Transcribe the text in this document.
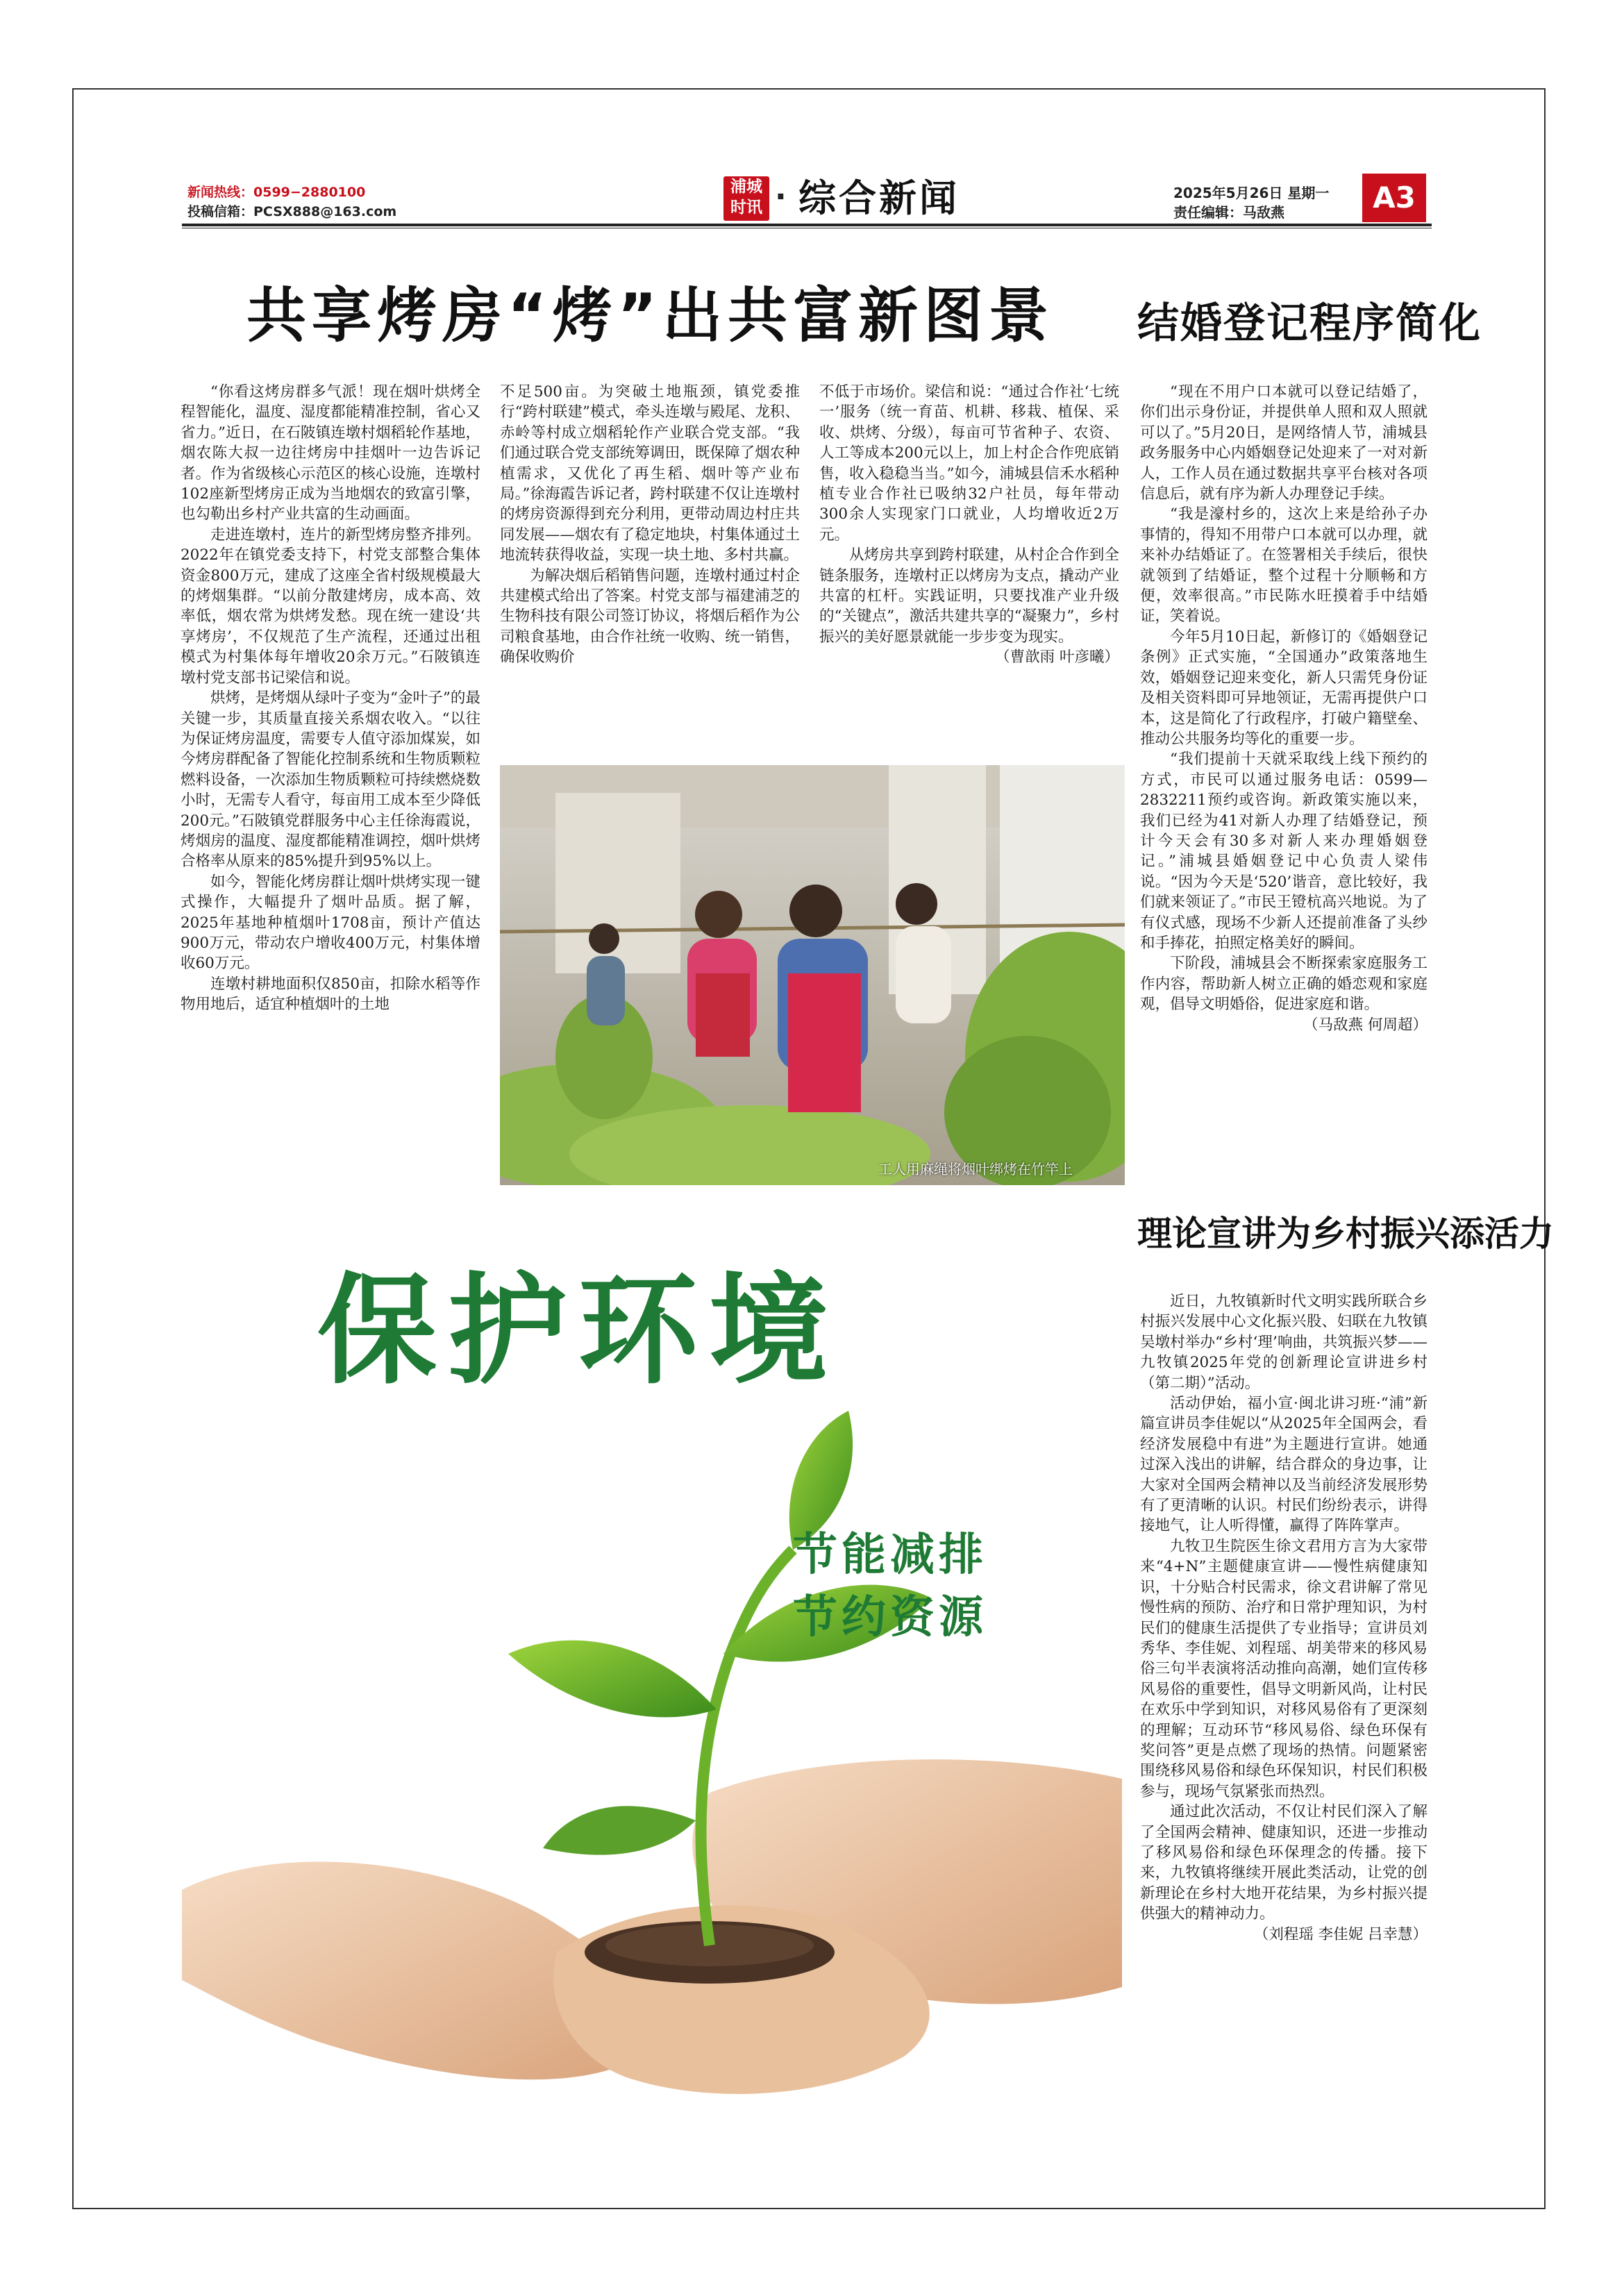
新闻热线：0599−2880100
投稿信箱：PCSX888@163.com
浦城
时讯 · 综合新闻	2025年5月26日 星期一
责任编辑：马敌燕	A3
共享烤房“烤”出共富新图景

“你看这烤房群多气派！现在烟叶烘烤全程智能化，温度、湿度都能精准控制，省心又省力。”近日，在石陂镇连墩村烟稻轮作基地，烟农陈大叔一边往烤房中挂烟叶一边告诉记者。作为省级核心示范区的核心设施，连墩村102座新型烤房正成为当地烟农的致富引擎，也勾勒出乡村产业共富的生动画面。

走进连墩村，连片的新型烤房整齐排列。2022年在镇党委支持下，村党支部整合集体资金800万元，建成了这座全省村级规模最大的烤烟集群。“以前分散建烤房，成本高、效率低，烟农常为烘烤发愁。现在统一建设‘共享烤房’，不仅规范了生产流程，还通过出租模式为村集体每年增收20余万元。”石陂镇连墩村党支部书记梁信和说。

烘烤，是烤烟从绿叶子变为“金叶子”的最关键一步，其质量直接关系烟农收入。“以往为保证烤房温度，需要专人值守添加煤炭，如今烤房群配备了智能化控制系统和生物质颗粒燃料设备，一次添加生物质颗粒可持续燃烧数小时，无需专人看守，每亩用工成本至少降低200元。”石陂镇党群服务中心主任徐海霞说，烤烟房的温度、湿度都能精准调控，烟叶烘烤合格率从原来的85%提升到95%以上。

如今，智能化烤房群让烟叶烘烤实现一键式操作，大幅提升了烟叶品质。据了解，2025年基地种植烟叶1708亩，预计产值达900万元，带动农户增收400万元，村集体增收60万元。

连墩村耕地面积仅850亩，扣除水稻等作物用地后，适宜种植烟叶的土地

不足500亩。为突破土地瓶颈，镇党委推行“跨村联建”模式，牵头连墩与殿尾、龙积、赤岭等村成立烟稻轮作产业联合党支部。“我们通过联合党支部统筹调田，既保障了烟农种植需求，又优化了再生稻、烟叶等产业布局。”徐海霞告诉记者，跨村联建不仅让连墩村的烤房资源得到充分利用，更带动周边村庄共同发展——烟农有了稳定地块，村集体通过土地流转获得收益，实现一块土地、多村共赢。

为解决烟后稻销售问题，连墩村通过村企共建模式给出了答案。村党支部与福建浦芝的生物科技有限公司签订协议，将烟后稻作为公司粮食基地，由合作社统一收购、统一销售，确保收购价

不低于市场价。梁信和说：“通过合作社‘七统一’服务（统一育苗、机耕、移栽、植保、采收、烘烤、分级），每亩可节省种子、农资、人工等成本200元以上，加上村企合作兜底销售，收入稳稳当当。”如今，浦城县信禾水稻种植专业合作社已吸纳32户社员，每年带动300余人实现家门口就业，人均增收近2万元。

从烤房共享到跨村联建，从村企合作到全链条服务，连墩村正以烤房为支点，撬动产业共富的杠杆。实践证明，只要找准产业升级的“关键点”，激活共建共享的“凝聚力”，乡村振兴的美好愿景就能一步步变为现实。

（曹歆雨 叶彦曦）

工人用麻绳将烟叶绑烤在竹竿上
结婚登记程序简化

“现在不用户口本就可以登记结婚了，你们出示身份证，并提供单人照和双人照就可以了。”5月20日，是网络情人节，浦城县政务服务中心内婚姻登记处迎来了一对对新人，工作人员在通过数据共享平台核对各项信息后，就有序为新人办理登记手续。

“我是濠村乡的，这次上来是给孙子办事情的，得知不用带户口本就可以办理，就来补办结婚证了。在签署相关手续后，很快就领到了结婚证，整个过程十分顺畅和方便，效率很高。”市民陈水旺摸着手中结婚证，笑着说。

今年5月10日起，新修订的《婚姻登记条例》正式实施，“全国通办”政策落地生效，婚姻登记迎来变化，新人只需凭身份证及相关资料即可异地领证，无需再提供户口本，这是简化了行政程序，打破户籍壁垒、推动公共服务均等化的重要一步。

“我们提前十天就采取线上线下预约的方式，市民可以通过服务电话：0599—2832211预约或咨询。新政策实施以来，我们已经为41对新人办理了结婚登记，预计今天会有30多对新人来办理婚姻登记。”浦城县婚姻登记中心负责人梁伟说。“因为今天是‘520’谐音，意比较好，我们就来领证了。”市民王镫杭高兴地说。为了有仪式感，现场不少新人还提前准备了头纱和手捧花，拍照定格美好的瞬间。

下阶段，浦城县会不断探索家庭服务工作内容，帮助新人树立正确的婚恋观和家庭观，倡导文明婚俗，促进家庭和谐。

（马敌燕 何周超）

理论宣讲为乡村振兴添活力

近日，九牧镇新时代文明实践所联合乡村振兴发展中心文化振兴股、妇联在九牧镇吴墩村举办“乡村‘理’响曲，共筑振兴梦——九牧镇2025年党的创新理论宣讲进乡村（第二期）”活动。

活动伊始，福小宣·闽北讲习班·“浦”新篇宣讲员李佳妮以“从2025年全国两会，看经济发展稳中有进”为主题进行宣讲。她通过深入浅出的讲解，结合群众的身边事，让大家对全国两会精神以及当前经济发展形势有了更清晰的认识。村民们纷纷表示，讲得接地气，让人听得懂，赢得了阵阵掌声。

九牧卫生院医生徐文君用方言为大家带来“4+N”主题健康宣讲——慢性病健康知识，十分贴合村民需求，徐文君讲解了常见慢性病的预防、治疗和日常护理知识，为村民们的健康生活提供了专业指导；宣讲员刘秀华、李佳妮、刘程瑶、胡美带来的移风易俗三句半表演将活动推向高潮，她们宣传移风易俗的重要性，倡导文明新风尚，让村民在欢乐中学到知识，对移风易俗有了更深刻的理解；互动环节“移风易俗、绿色环保有奖问答”更是点燃了现场的热情。问题紧密围绕移风易俗和绿色环保知识，村民们积极参与，现场气氛紧张而热烈。

通过此次活动，不仅让村民们深入了解了全国两会精神、健康知识，还进一步推动了移风易俗和绿色环保理念的传播。接下来，九牧镇将继续开展此类活动，让党的创新理论在乡村大地开花结果，为乡村振兴提供强大的精神动力。

（刘程瑶 李佳妮 吕幸慧）

保护环境
节能减排
节约资源
